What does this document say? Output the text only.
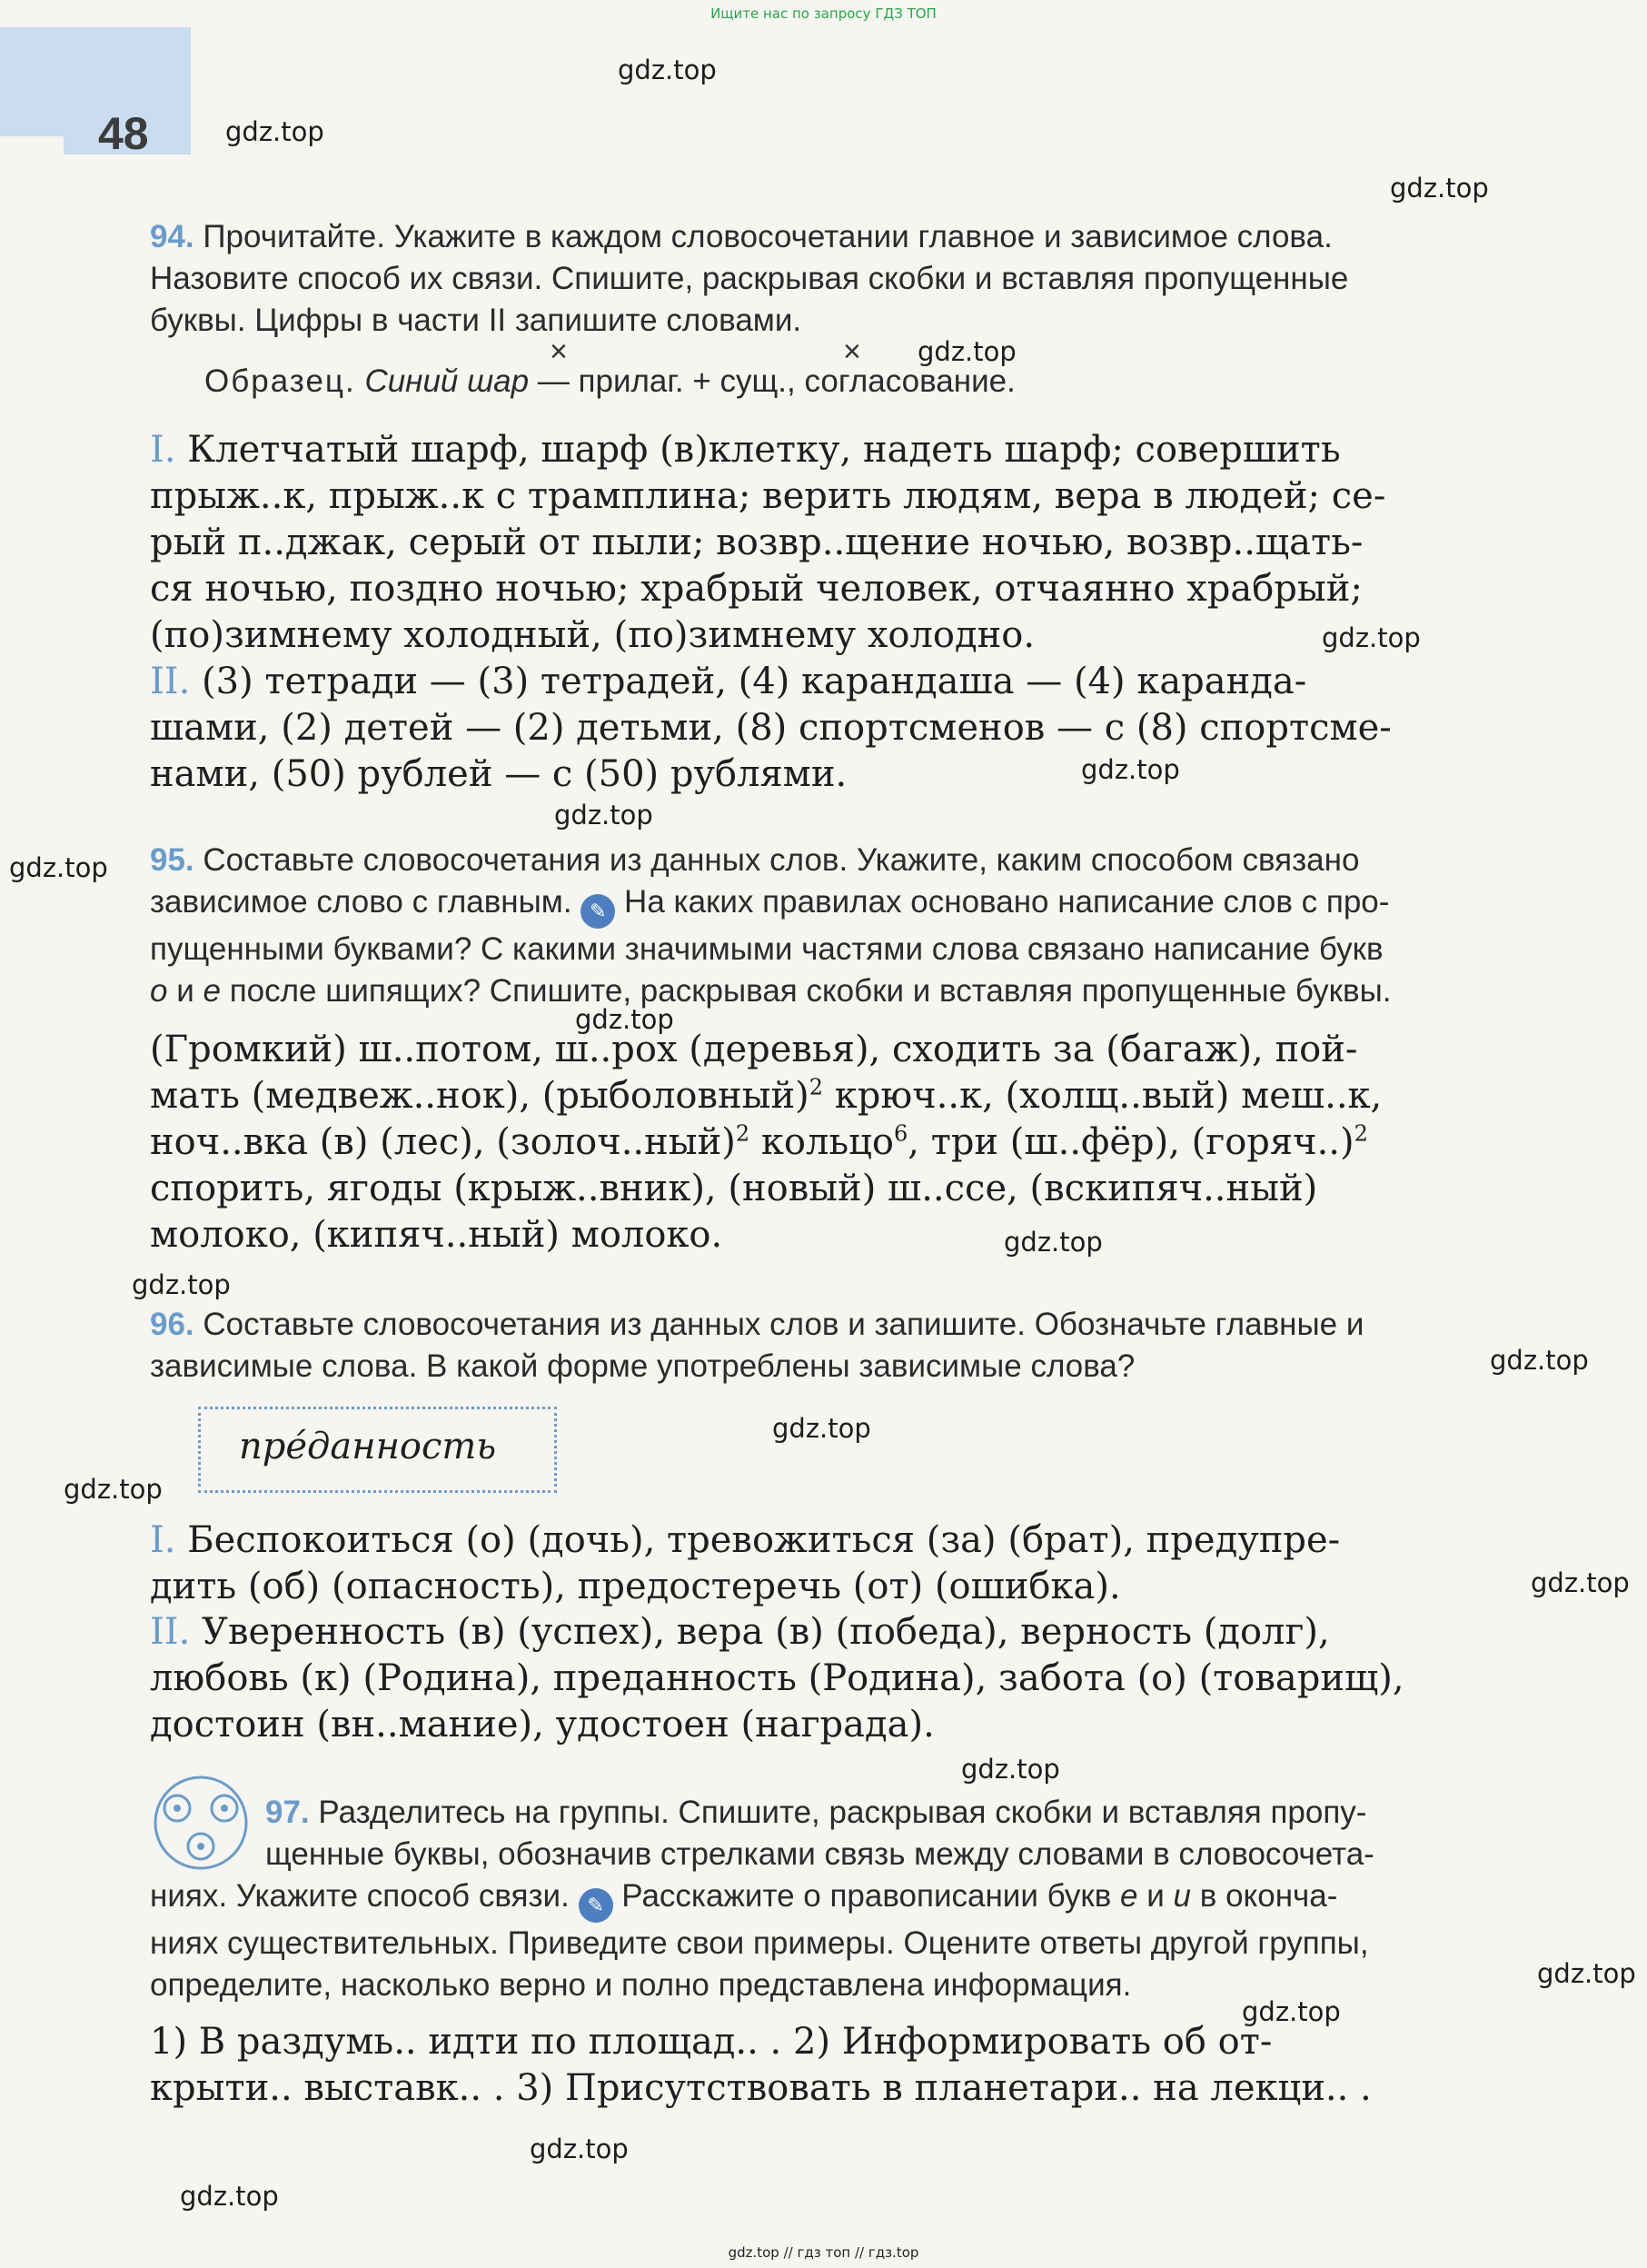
Ищите нас по запросу ГДЗ ТОП
48
gdz.top
gdz.top
gdz.top
gdz.top
gdz.top
gdz.top
gdz.top
gdz.top
gdz.top
gdz.top
gdz.top
gdz.top
gdz.top
gdz.top
gdz.top
gdz.top
gdz.top
gdz.top
gdz.top
gdz.top
94. Прочитайте. Укажите в каждом словосочетании главное и зависимое слова.
Назовите способ их связи. Спишите, раскрывая скобки и вставляя пропущенные
буквы. Цифры в части II запишите словами.
×	×
Образец. Синий шар — прилаг. + сущ., согласование.
I. Клетчатый шарф, шарф (в)клетку, надеть шарф; совершить
прыж..к, прыж..к с трамплина; верить людям, вера в людей; се-
рый п..джак, серый от пыли; возвр..щение ночью, возвр..щать-
ся ночью, поздно ночью; храбрый человек, отчаянно храбрый;
(по)зимнему холодный, (по)зимнему холодно.
II. (3) тетради — (3) тетрадей, (4) карандаша — (4) каранда-
шами, (2) детей — (2) детьми, (8) спортсменов — с (8) спортсме-
нами, (50) рублей — с (50) рублями.
95. Составьте словосочетания из данных слов. Укажите, каким способом связано
зависимое слово с главным. ✎ На каких правилах основано написание слов с про-
пущенными буквами? С какими значимыми частями слова связано написание букв
о и е после шипящих? Спишите, раскрывая скобки и вставляя пропущенные буквы.
(Громкий) ш..потом, ш..рох (деревья), сходить за (багаж), пой-
мать (медвеж..нок), (рыболовный)$^2$ крюч..к, (холщ..вый) меш..к,
ноч..вка (в) (лес), (золоч..ный)$^2$ кольцо$^6$, три (ш..фёр), (горяч..)$^2$
спорить, ягоды (крыж..вник), (новый) ш..ссе, (вскипяч..ный)
молоко, (кипяч..ный) молоко.
96. Составьте словосочетания из данных слов и запишите. Обозначьте главные и
зависимые слова. В какой форме употреблены зависимые слова?
прéданность
I. Беспокоиться (о) (дочь), тревожиться (за) (брат), предупре-
дить (об) (опасность), предостеречь (от) (ошибка).
II. Уверенность (в) (успех), вера (в) (победа), верность (долг),
любовь (к) (Родина), преданность (Родина), забота (о) (товарищ),
достоин (вн..мание), удостоен (награда).
97. Разделитесь на группы. Спишите, раскрывая скобки и вставляя пропу-
щенные буквы, обозначив стрелками связь между словами в словосочета-
ниях. Укажите способ связи. ✎ Расскажите о правописании букв е и и в оконча-
ниях существительных. Приведите свои примеры. Оцените ответы другой группы,
определите, насколько верно и полно представлена информация.
1) В раздумь.. идти по площад.. . 2) Информировать об от-
крыти.. выставк.. . 3) Присутствовать в планетари.. на лекци.. .
gdz.top // гдз топ // гдз.top
